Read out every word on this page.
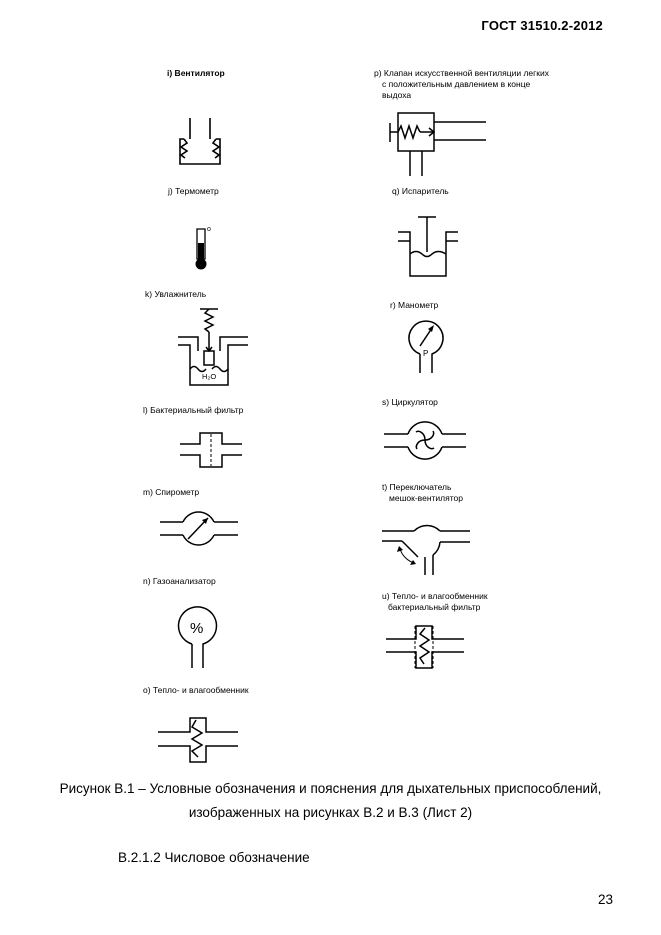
ГОСТ 31510.2-2012
i) Вентилятор
j) Термометр
o
k) Увлажнитель
H₂O
l) Бактериальный фильтр
m) Спирометр
n) Газоанализатор
%
o) Тепло- и влагообменник
p) Клапан искусственной вентиляции легких
с положительным давлением в конце
выдоха
q) Испаритель
r) Манометр
P
s) Циркулятор
t) Переключатель
мешок-вентилятор
u) Тепло- и влагообменник
бактериальный фильтр
Рисунок В.1 – Условные обозначения и пояснения для дыхательных приспособлений,
изображенных на рисунках В.2 и В.3 (Лист 2)
В.2.1.2 Числовое обозначение
23
